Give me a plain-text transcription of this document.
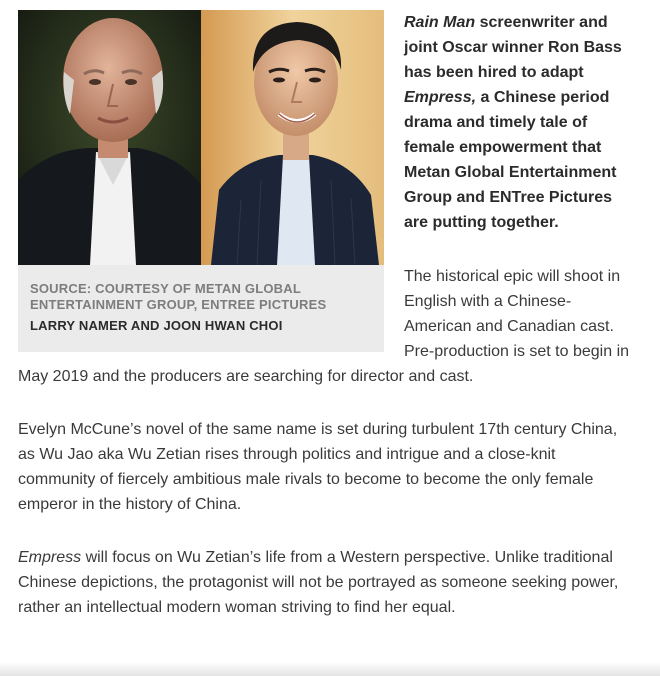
SOURCE: COURTESY OF METAN GLOBAL ENTERTAINMENT GROUP, ENTREE PICTURES
LARRY NAMER AND JOON HWAN CHOI

Rain Man screenwriter and joint Oscar winner Ron Bass has been hired to adapt Empress, a Chinese period drama and timely tale of female empowerment that Metan Global Entertainment Group and ENTree Pictures are putting together.

The historical epic will shoot in English with a Chinese-American and Canadian cast. Pre-production is set to begin in May 2019 and the producers are searching for director and cast.

Evelyn McCune’s novel of the same name is set during turbulent 17th century China, as Wu Jao aka Wu Zetian rises through politics and intrigue and a close-knit community of fiercely ambitious male rivals to become to become the only female emperor in the history of China.

Empress will focus on Wu Zetian’s life from a Western perspective. Unlike traditional Chinese depictions, the protagonist will not be portrayed as someone seeking power, rather an intellectual modern woman striving to find her equal.
